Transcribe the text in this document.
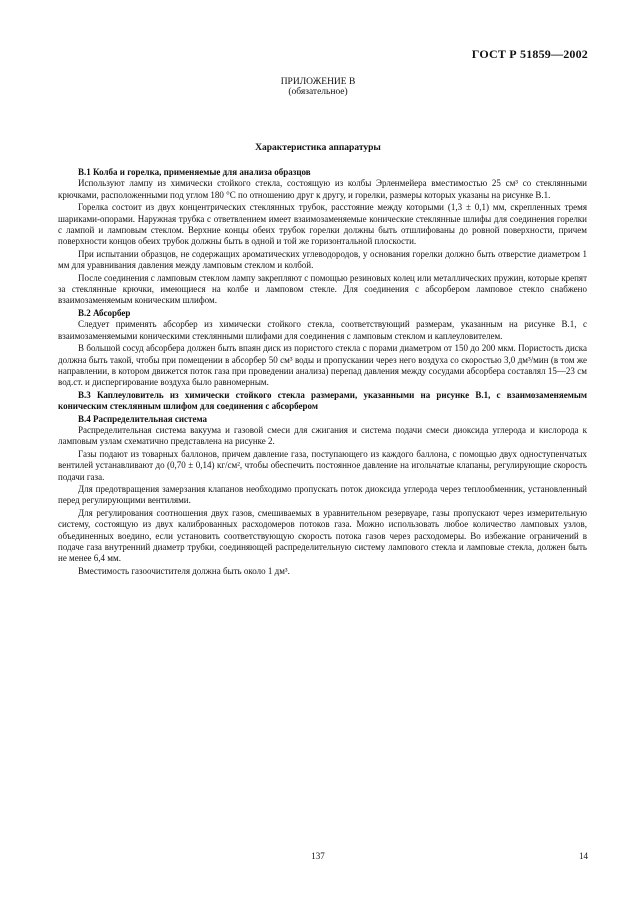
ГОСТ Р 51859—2002
ПРИЛОЖЕНИЕ В
(обязательное)
Характеристика аппаратуры

В.1 Колба и горелка, применяемые для анализа образцов

Используют лампу из химически стойкого стекла, состоящую из колбы Эрленмейера вместимостью 25 см³ со стеклянными крючками, расположенными под углом 180 °С по отношению друг к другу, и горелки, размеры которых указаны на рисунке В.1.

Горелка состоит из двух концентрических стеклянных трубок, расстояние между которыми (1,3 ± 0,1) мм, скрепленных тремя шариками-опорами. Наружная трубка с ответвлением имеет взаимозаменяемые конические стеклянные шлифы для соединения горелки с лампой и ламповым стеклом. Верхние концы обеих трубок горелки должны быть отшлифованы до ровной поверхности, причем поверхности концов обеих трубок должны быть в одной и той же горизонтальной плоскости.

При испытании образцов, не содержащих ароматических углеводородов, у основания горелки должно быть отверстие диаметром 1 мм для уравнивания давления между ламповым стеклом и колбой.

После соединения с ламповым стеклом лампу закрепляют с помощью резиновых колец или металлических пружин, которые крепят за стеклянные крючки, имеющиеся на колбе и ламповом стекле. Для соединения с абсорбером ламповое стекло снабжено взаимозаменяемым коническим шлифом.

В.2 Абсорбер

Следует применять абсорбер из химически стойкого стекла, соответствующий размерам, указанным на рисунке В.1, с взаимозаменяемыми коническими стеклянными шлифами для соединения с ламповым стеклом и каплеуловителем.

В большой сосуд абсорбера должен быть впаян диск из пористого стекла с порами диаметром от 150 до 200 мкм. Пористость диска должна быть такой, чтобы при помещении в абсорбер 50 см³ воды и пропускании через него воздуха со скоростью 3,0 дм³/мин (в том же направлении, в котором движется поток газа при проведении анализа) перепад давления между сосудами абсорбера составлял 15—23 см вод.ст. и диспергирование воздуха было равномерным.

В.3 Каплеуловитель из химически стойкого стекла размерами, указанными на рисунке В.1, с взаимозаменяемым коническим стеклянным шлифом для соединения с абсорбером

В.4 Распределительная система

Распределительная система вакуума и газовой смеси для сжигания и система подачи смеси диоксида углерода и кислорода к ламповым узлам схематично представлена на рисунке 2.

Газы подают из товарных баллонов, причем давление газа, поступающего из каждого баллона, с помощью двух одноступенчатых вентилей устанавливают до (0,70 ± 0,14) кг/см², чтобы обеспечить постоянное давление на игольчатые клапаны, регулирующие скорость подачи газа.

Для предотвращения замерзания клапанов необходимо пропускать поток диоксида углерода через теплообменник, установленный перед регулирующими вентилями.

Для регулирования соотношения двух газов, смешиваемых в уравнительном резервуаре, газы пропускают через измерительную систему, состоящую из двух калиброванных расходомеров потоков газа. Можно использовать любое количество ламповых узлов, объединенных воедино, если установить соответствующую скорость потока газов через расходомеры. Во избежание ограничений в подаче газа внутренний диаметр трубки, соединяющей распределительную систему лампового стекла и ламповые стекла, должен быть не менее 6,4 мм.

Вместимость газоочистителя должна быть около 1 дм³.

137	14
